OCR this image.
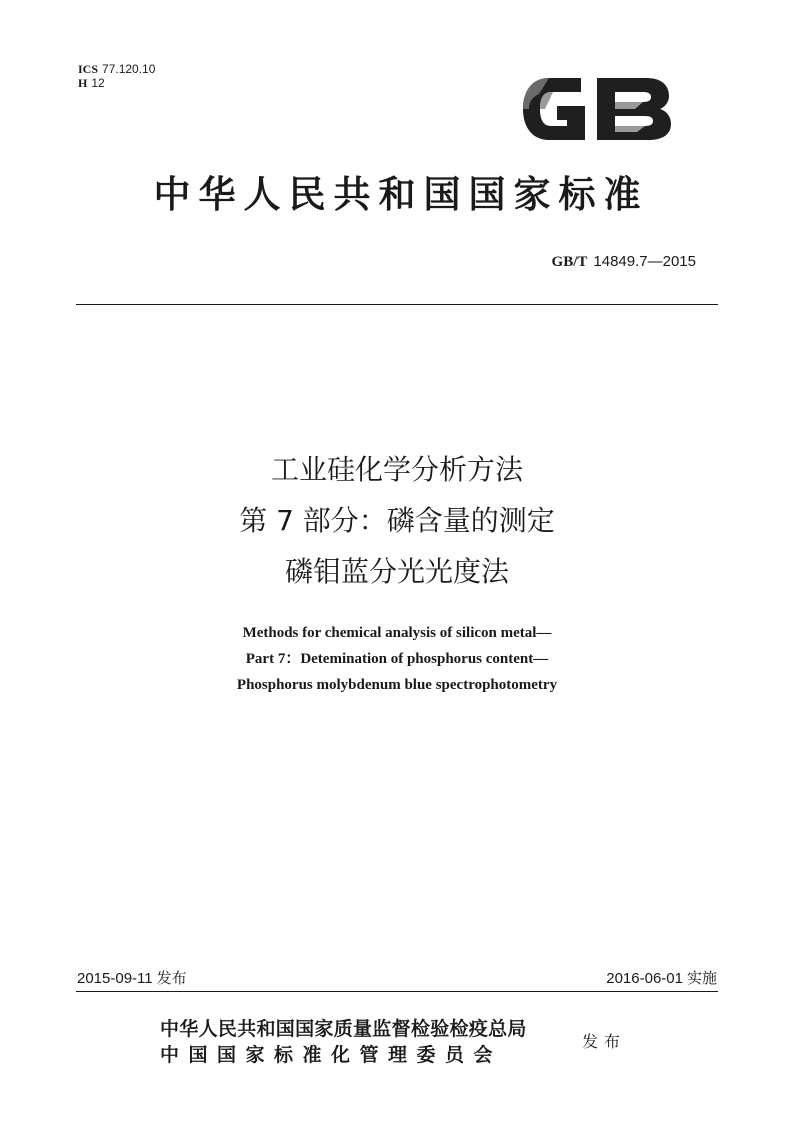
ICS 77.120.10
H 12
GB
中华人民共和国国家标准
GB/T 14849.7—2015
工业硅化学分析方法
第 7 部分：磷含量的测定
磷钼蓝分光光度法
Methods for chemical analysis of silicon metal—
Part 7：Detemination of phosphorus content—
Phosphorus molybdenum blue spectrophotometry
2015-09-11 发布	2016-06-01 实施
中华人民共和国国家质量监督检验检疫总局
中国国家标准化管理委员会
发布
